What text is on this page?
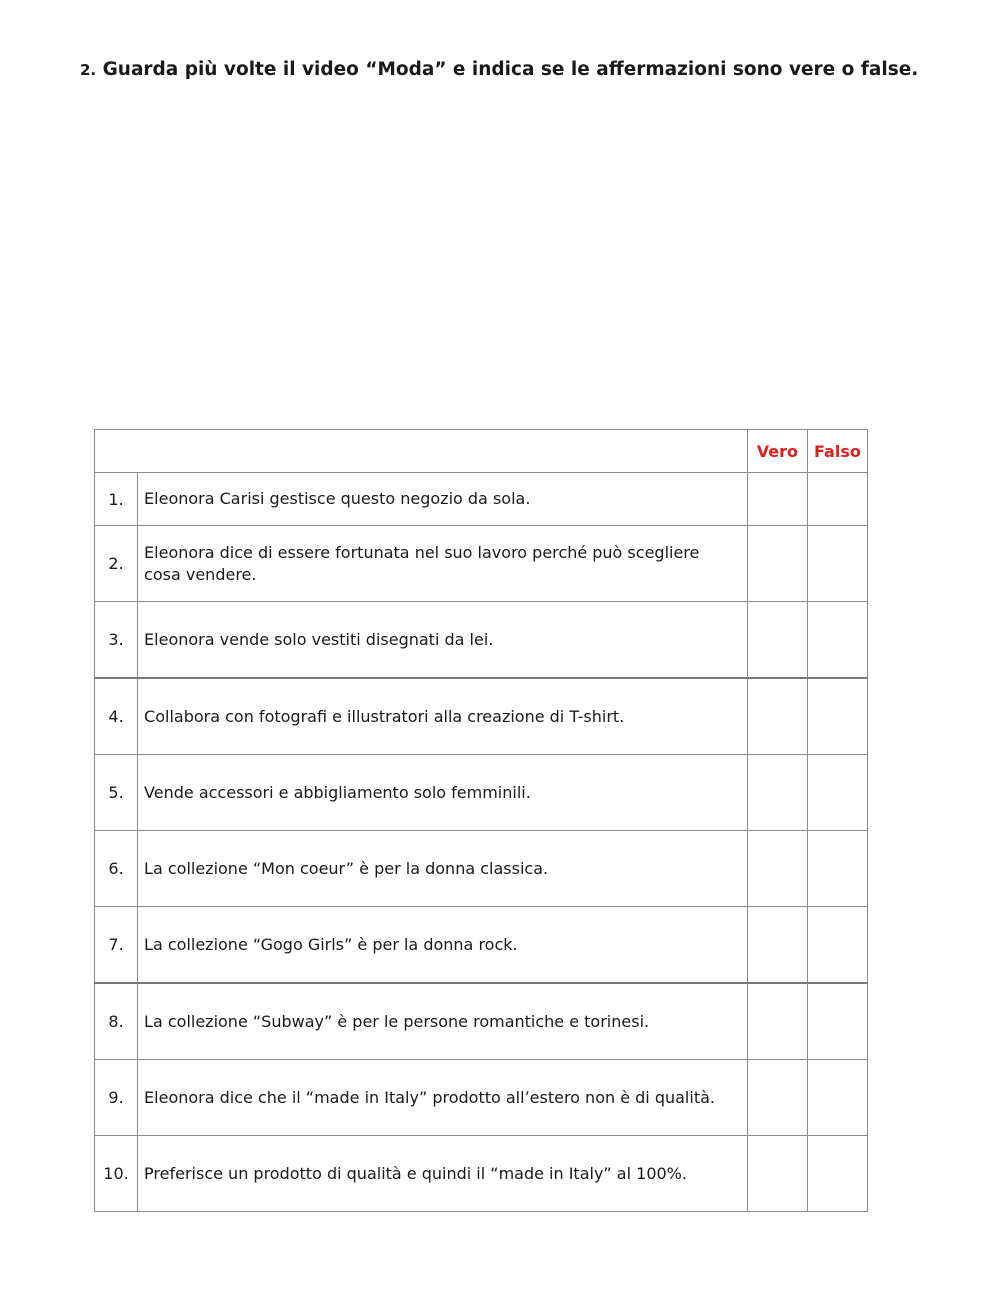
2. Guarda più volte il video “Moda” e indica se le affermazioni sono vere o false.
		Vero	Falso
1.	Eleonora Carisi gestisce questo negozio da sola.		
2.	Eleonora dice di essere fortunata nel suo lavoro perché può scegliere cosa vendere.		
3.	Eleonora vende solo vestiti disegnati da lei.		
4.	Collabora con fotografi e illustratori alla creazione di T-shirt.		
5.	Vende accessori e abbigliamento solo femminili.		
6.	La collezione “Mon coeur” è per la donna classica.		
7.	La collezione “Gogo Girls” è per la donna rock.		
8.	La collezione “Subway” è per le persone romantiche e torinesi.		
9.	Eleonora dice che il “made in Italy” prodotto all’estero non è di qualità.		
10.	Preferisce un prodotto di qualità e quindi il “made in Italy” al 100%.		
